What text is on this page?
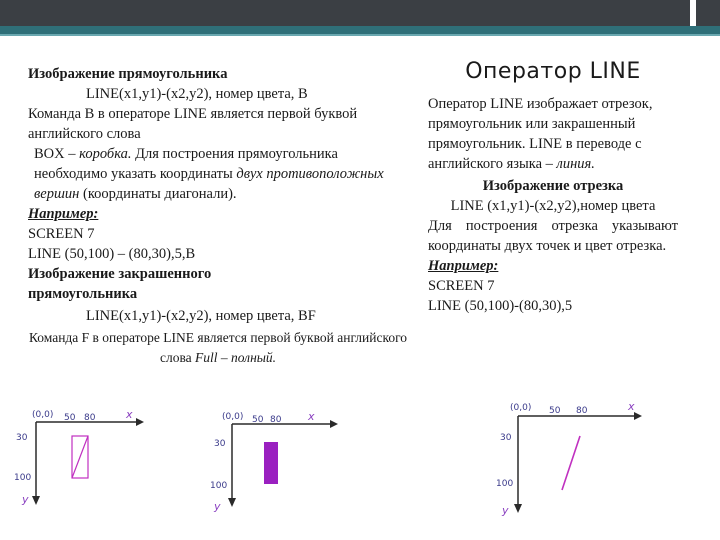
Изображение прямоугольника

LINE(x1,y1)-(x2,y2), номер цвета, B

Команда B в операторе LINE является первой буквой английского слова

BOX – коробка. Для построения прямоугольника необходимо указать координаты двух противоположных вершин (координаты диагонали).

Например:

SCREEN 7

LINE (50,100) – (80,30),5,B

Изображение закрашенного прямоугольника

LINE(x1,y1)-(x2,y2), номер цвета, BF

Команда F в операторе LINE является первой буквой английского слова Full – полный.

Оператор LINE

Оператор LINE изображает отрезок, прямоугольник или закрашенный прямоугольник. LINE в переводе с английского языка – линия.

Изображение отрезка

LINE (x1,y1)-(x2,y2),номер цвета

Для построения отрезка указывают координаты двух точек и цвет отрезка.

Например:

SCREEN 7

LINE (50,100)-(80,30),5

(0,0) 50 80	x
30
100
y
(0,0) 50 80 x
30
100
y
(0,0) 50 80	x
30
100
y
